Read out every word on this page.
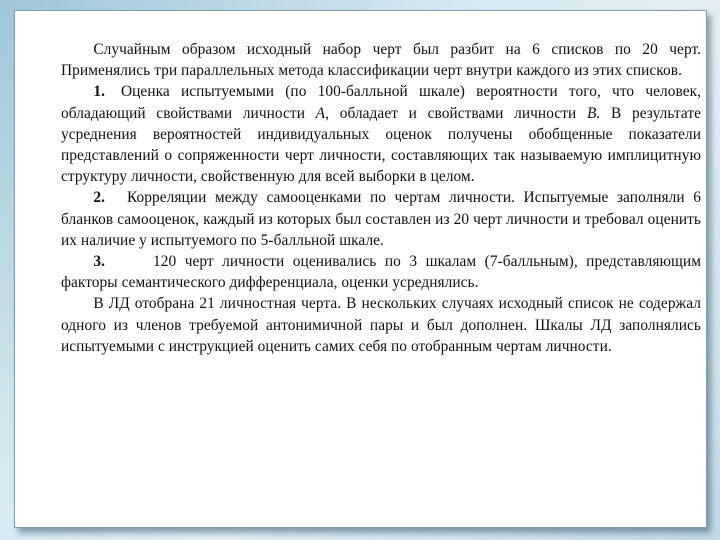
Случайным образом исходный набор черт был разбит на 6 списков по 20 черт. Применялись три параллельных метода классификации черт внутри каждого из этих списков.

1. Оценка испытуемыми (по 100-балльной шкале) вероятности того, что человек, обладающий свойствами личности А, обладает и свойствами личности В. В результате усреднения вероятностей индивидуальных оценок получены обобщенные показатели представлений о сопряженности черт личности, составляющих так называемую имплицитную структуру личности, свойственную для всей выборки в целом.

2. Корреляции между самооценками по чертам личности. Испытуемые заполняли 6 бланков самооценок, каждый из которых был составлен из 20 черт личности и требовал оценить их наличие у испытуемого по 5-балльной шкале.

3.	120 черт личности оценивались по 3 шкалам (7-балльным), представляющим факторы семантического дифференциала, оценки усреднялись.

В ЛД отобрана 21 личностная черта. В нескольких случаях исходный список не содержал одного из членов требуемой антонимичной пары и был дополнен. Шкалы ЛД заполнялись испытуемыми с инструкцией оценить самих себя по отобранным чертам личности.
